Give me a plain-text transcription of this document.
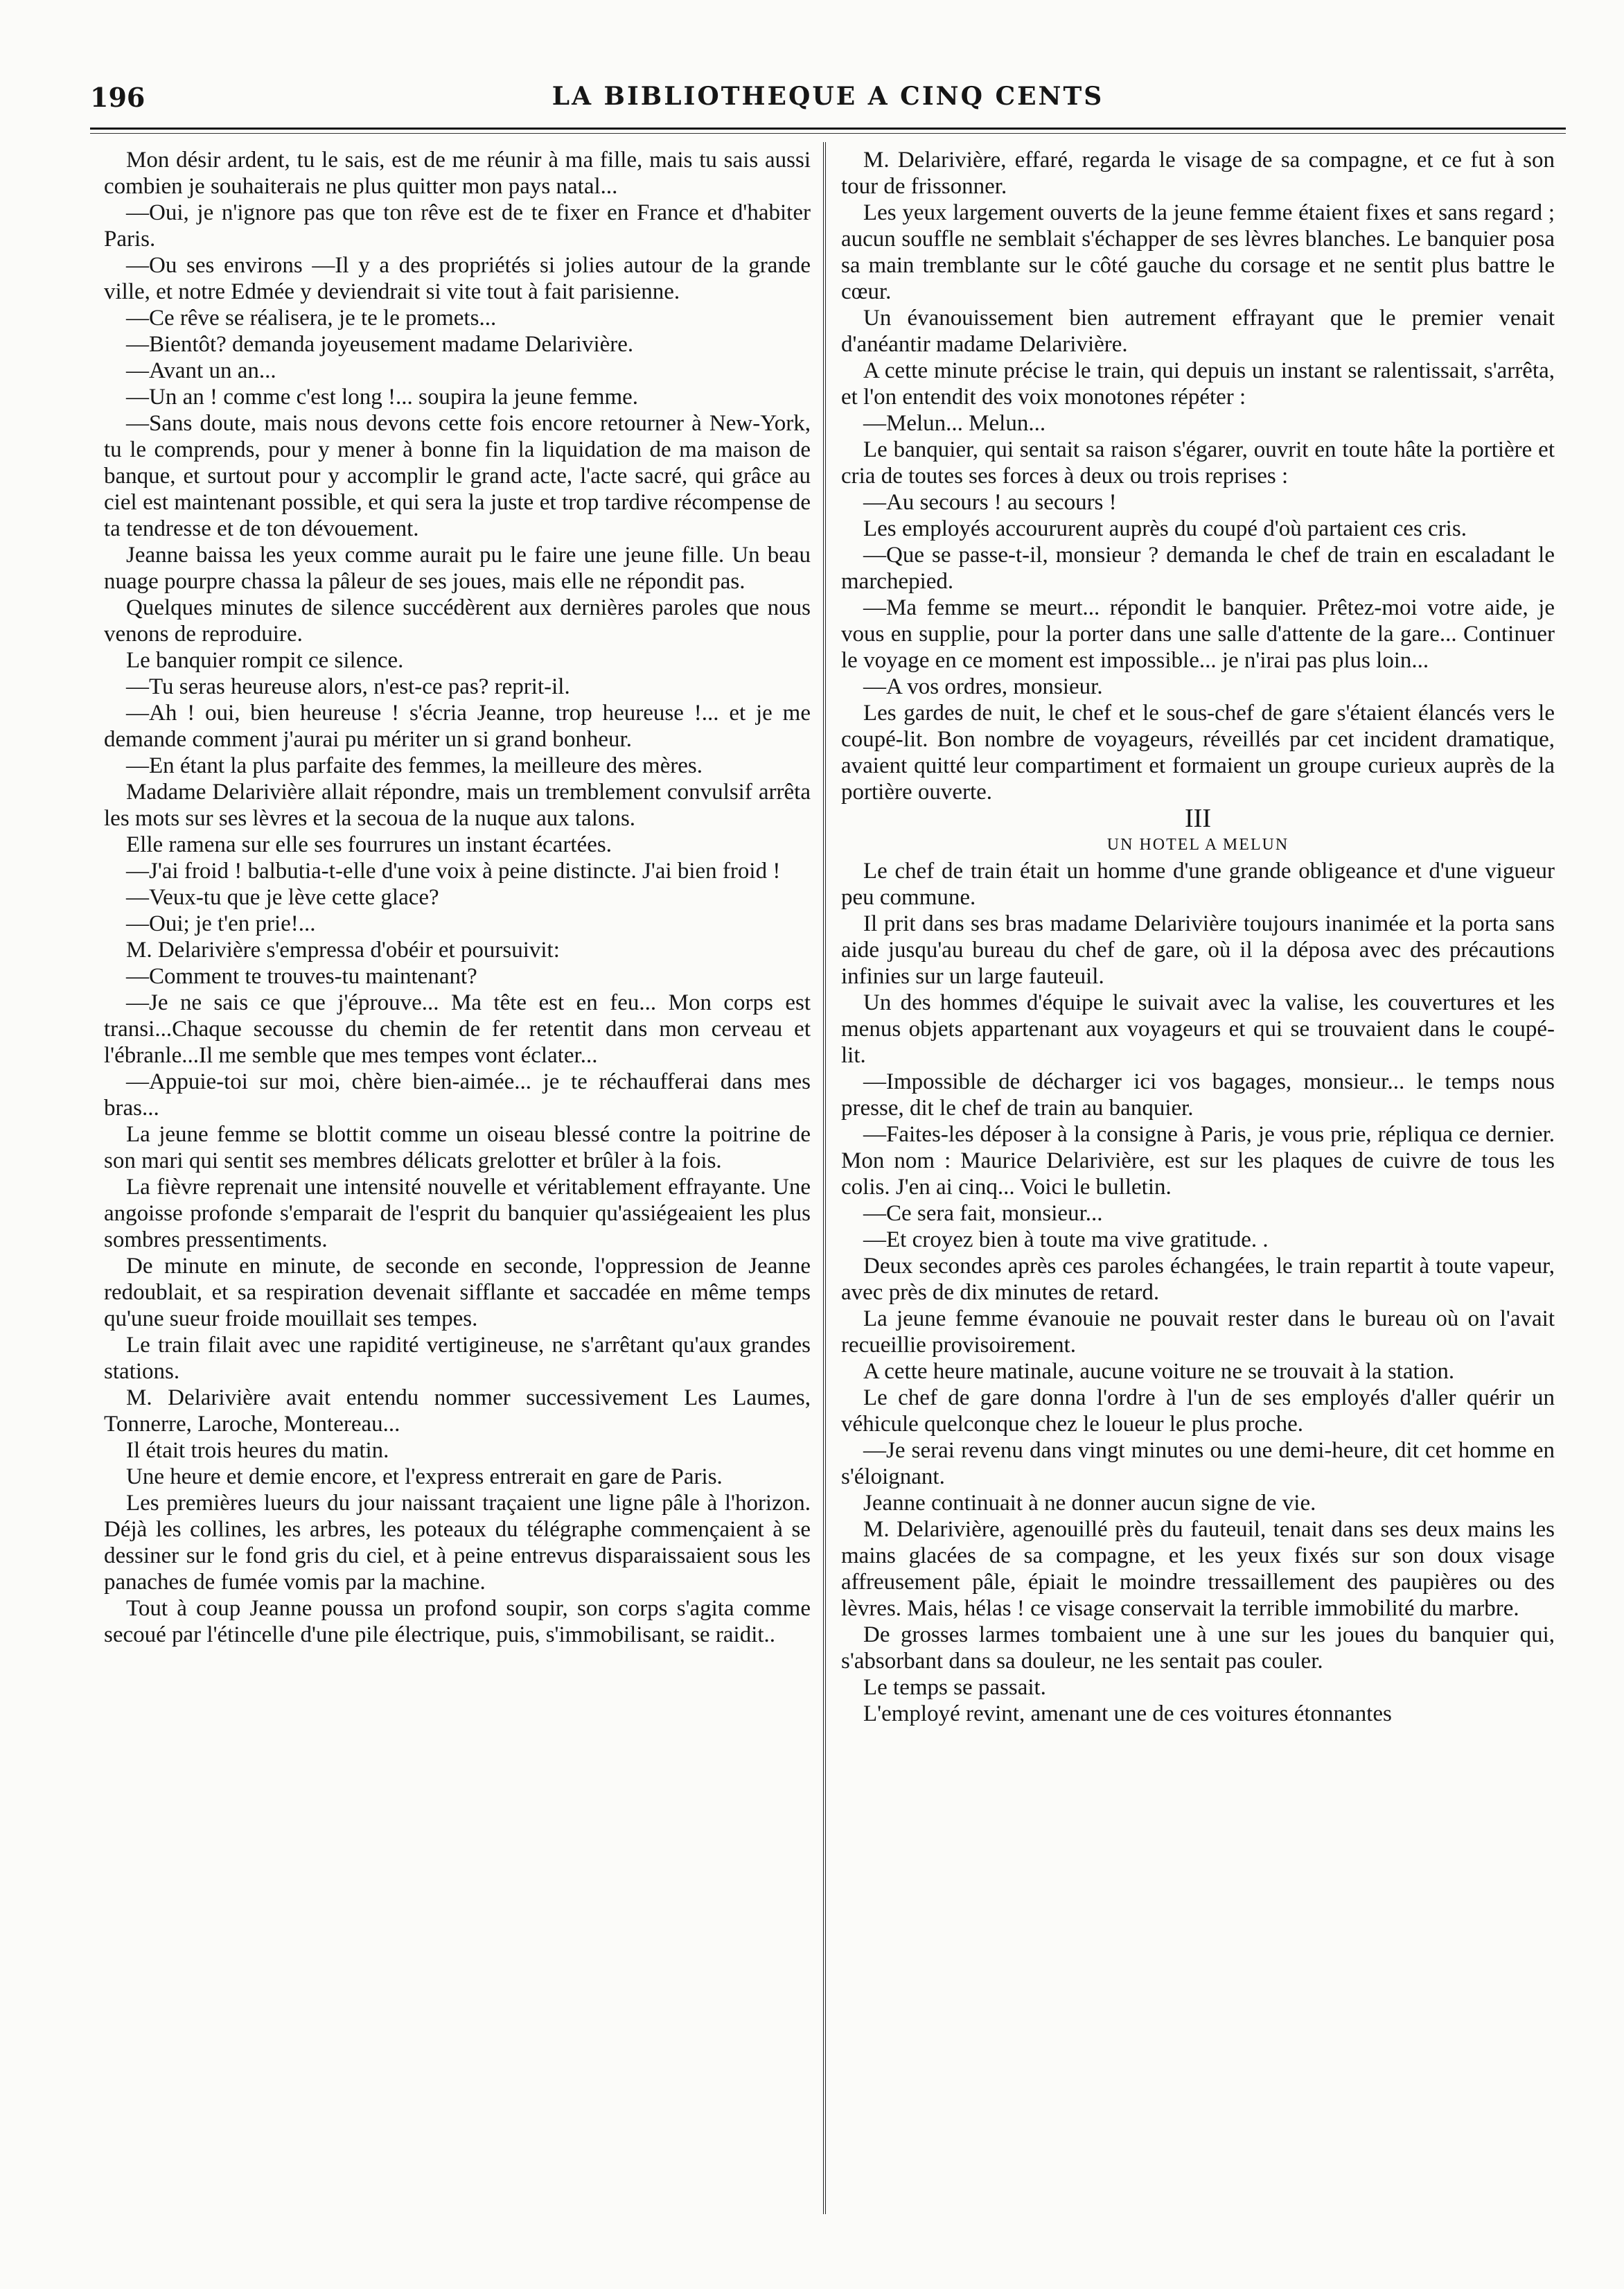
196	LA BIBLIOTHEQUE A CINQ CENTS

Mon désir ardent, tu le sais, est de me réunir à ma fille, mais tu sais aussi combien je souhaiterais ne plus quitter mon pays natal...

—Oui, je n'ignore pas que ton rêve est de te fixer en France et d'habiter Paris.

—Ou ses environs —Il y a des propriétés si jolies autour de la grande ville, et notre Edmée y deviendrait si vite tout à fait parisienne.

—Ce rêve se réalisera, je te le promets...

—Bientôt? demanda joyeusement madame Delarivière.

—Avant un an...

—Un an ! comme c'est long !... soupira la jeune femme.

—Sans doute, mais nous devons cette fois encore retourner à New-York, tu le comprends, pour y mener à bonne fin la liquidation de ma maison de banque, et surtout pour y accomplir le grand acte, l'acte sacré, qui grâce au ciel est maintenant possible, et qui sera la juste et trop tardive récompense de ta tendresse et de ton dévouement.

Jeanne baissa les yeux comme aurait pu le faire une jeune fille. Un beau nuage pourpre chassa la pâleur de ses joues, mais elle ne répondit pas.

Quelques minutes de silence succédèrent aux dernières paroles que nous venons de reproduire.

Le banquier rompit ce silence.

—Tu seras heureuse alors, n'est-ce pas? reprit-il.

—Ah ! oui, bien heureuse ! s'écria Jeanne, trop heureuse !... et je me demande comment j'aurai pu mériter un si grand bonheur.

—En étant la plus parfaite des femmes, la meilleure des mères.

Madame Delarivière allait répondre, mais un tremblement convulsif arrêta les mots sur ses lèvres et la secoua de la nuque aux talons.

Elle ramena sur elle ses fourrures un instant écartées.

—J'ai froid ! balbutia-t-elle d'une voix à peine distincte. J'ai bien froid !

—Veux-tu que je lève cette glace?

—Oui; je t'en prie!...

M. Delarivière s'empressa d'obéir et poursuivit:

—Comment te trouves-tu maintenant?

—Je ne sais ce que j'éprouve... Ma tête est en feu... Mon corps est transi...Chaque secousse du chemin de fer retentit dans mon cerveau et l'ébranle...Il me semble que mes tempes vont éclater...

—Appuie-toi sur moi, chère bien-aimée... je te réchaufferai dans mes bras...

La jeune femme se blottit comme un oiseau blessé contre la poitrine de son mari qui sentit ses membres délicats grelotter et brûler à la fois.

La fièvre reprenait une intensité nouvelle et véritablement effrayante. Une angoisse profonde s'emparait de l'esprit du banquier qu'assiégeaient les plus sombres pressentiments.

De minute en minute, de seconde en seconde, l'oppression de Jeanne redoublait, et sa respiration devenait sifflante et saccadée en même temps qu'une sueur froide mouillait ses tempes.

Le train filait avec une rapidité vertigineuse, ne s'arrêtant qu'aux grandes stations.

M. Delarivière avait entendu nommer successivement Les Laumes, Tonnerre, Laroche, Montereau...

Il était trois heures du matin.

Une heure et demie encore, et l'express entrerait en gare de Paris.

Les premières lueurs du jour naissant traçaient une ligne pâle à l'horizon. Déjà les collines, les arbres, les poteaux du télégraphe commençaient à se dessiner sur le fond gris du ciel, et à peine entrevus disparaissaient sous les panaches de fumée vomis par la machine.

Tout à coup Jeanne poussa un profond soupir, son corps s'agita comme secoué par l'étincelle d'une pile électrique, puis, s'immobilisant, se raidit..

M. Delarivière, effaré, regarda le visage de sa compagne, et ce fut à son tour de frissonner.

Les yeux largement ouverts de la jeune femme étaient fixes et sans regard ; aucun souffle ne semblait s'échapper de ses lèvres blanches. Le banquier posa sa main tremblante sur le côté gauche du corsage et ne sentit plus battre le cœur.

Un évanouissement bien autrement effrayant que le premier venait d'anéantir madame Delarivière.

A cette minute précise le train, qui depuis un instant se ralentissait, s'arrêta, et l'on entendit des voix monotones répéter :

—Melun... Melun...

Le banquier, qui sentait sa raison s'égarer, ouvrit en toute hâte la portière et cria de toutes ses forces à deux ou trois reprises :

—Au secours ! au secours !

Les employés accoururent auprès du coupé d'où partaient ces cris.

—Que se passe-t-il, monsieur ? demanda le chef de train en escaladant le marchepied.

—Ma femme se meurt... répondit le banquier. Prêtez-moi votre aide, je vous en supplie, pour la porter dans une salle d'attente de la gare... Continuer le voyage en ce moment est impossible... je n'irai pas plus loin...

—A vos ordres, monsieur.

Les gardes de nuit, le chef et le sous-chef de gare s'étaient élancés vers le coupé-lit. Bon nombre de voyageurs, réveillés par cet incident dramatique, avaient quitté leur compartiment et formaient un groupe curieux auprès de la portière ouverte.

III

UN HOTEL A MELUN

Le chef de train était un homme d'une grande obligeance et d'une vigueur peu commune.

Il prit dans ses bras madame Delarivière toujours inanimée et la porta sans aide jusqu'au bureau du chef de gare, où il la déposa avec des précautions infinies sur un large fauteuil.

Un des hommes d'équipe le suivait avec la valise, les couvertures et les menus objets appartenant aux voyageurs et qui se trouvaient dans le coupé-lit.

—Impossible de décharger ici vos bagages, monsieur... le temps nous presse, dit le chef de train au banquier.

—Faites-les déposer à la consigne à Paris, je vous prie, répliqua ce dernier. Mon nom : Maurice Delarivière, est sur les plaques de cuivre de tous les colis. J'en ai cinq... Voici le bulletin.

—Ce sera fait, monsieur...

—Et croyez bien à toute ma vive gratitude. .

Deux secondes après ces paroles échangées, le train repartit à toute vapeur, avec près de dix minutes de retard.

La jeune femme évanouie ne pouvait rester dans le bureau où on l'avait recueillie provisoirement.

A cette heure matinale, aucune voiture ne se trouvait à la station.

Le chef de gare donna l'ordre à l'un de ses employés d'aller quérir un véhicule quelconque chez le loueur le plus proche.

—Je serai revenu dans vingt minutes ou une demi-heure, dit cet homme en s'éloignant.

Jeanne continuait à ne donner aucun signe de vie.

M. Delarivière, agenouillé près du fauteuil, tenait dans ses deux mains les mains glacées de sa compagne, et les yeux fixés sur son doux visage affreusement pâle, épiait le moindre tressaillement des paupières ou des lèvres. Mais, hélas ! ce visage conservait la terrible immobilité du marbre.

De grosses larmes tombaient une à une sur les joues du banquier qui, s'absorbant dans sa douleur, ne les sentait pas couler.

Le temps se passait.

L'employé revint, amenant une de ces voitures étonnantes
